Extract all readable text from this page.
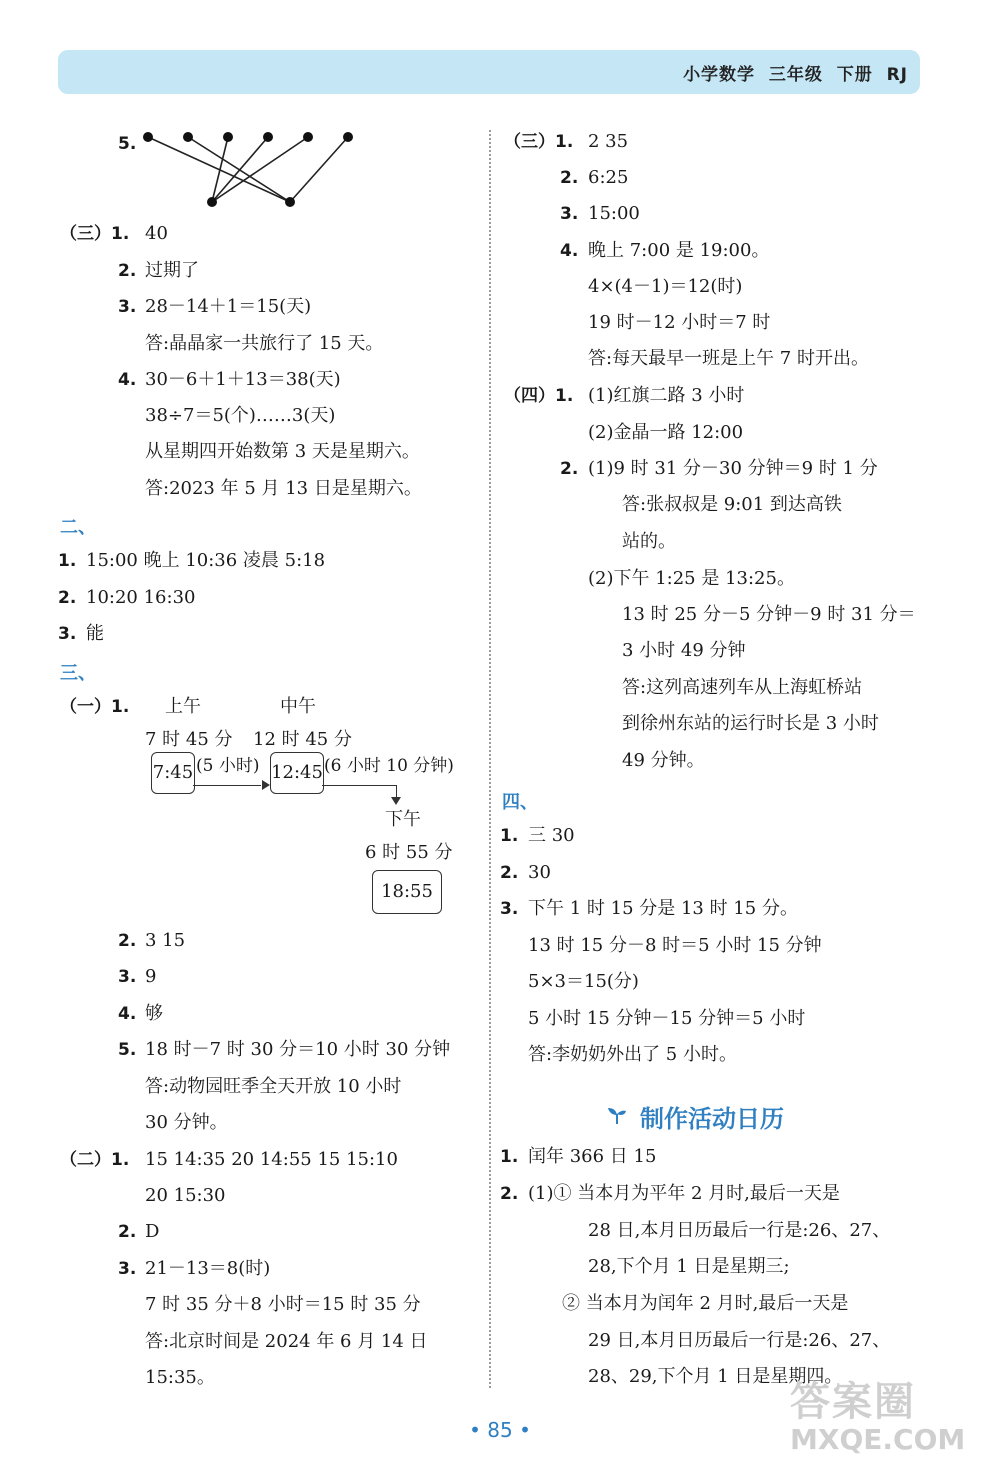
小学数学  三年级  下册  RJ
5.
（三）1. 40
2. 过期了
3. 28－14＋1＝15(天)
答:晶晶家一共旅行了 15 天。
4. 30－6＋1＋13＝38(天)
38÷7＝5(个)……3(天)
从星期四开始数第 3 天是星期六。
答:2023 年 5 月 13 日是星期六。
二、
1. 15:00 晚上 10:36 凌晨 5:18
2. 10:20 16:30
3. 能
三、
（一）1. 上午	中午
7 时 45 分 12 时 45 分
7:45 (5 小时) 12:45 (6 小时 10 分钟)
下午
6 时 55 分
18:55
2. 3 15
3. 9
4. 够
5. 18 时－7 时 30 分＝10 小时 30 分钟
答:动物园旺季全天开放 10 小时
30 分钟。
（二）1. 15 14:35 20 14:55 15 15:10
20 15:30
2. D
3. 21－13＝8(时)
7 时 35 分＋8 小时＝15 时 35 分
答:北京时间是 2024 年 6 月 14 日
15:35。
（三）1. 2 35
2. 6:25
3. 15:00
4. 晚上 7:00 是 19:00。
4×(4－1)＝12(时)
19 时－12 小时＝7 时
答:每天最早一班是上午 7 时开出。
（四）1. (1)红旗二路 3 小时
(2)金晶一路 12:00
2. (1)9 时 31 分－30 分钟＝9 时 1 分
答:张叔叔是 9:01 到达高铁
站的。
(2)下午 1:25 是 13:25。
13 时 25 分－5 分钟－9 时 31 分＝
3 小时 49 分钟
答:这列高速列车从上海虹桥站
到徐州东站的运行时长是 3 小时
49 分钟。
四、
1. 三 30
2. 30
3. 下午 1 时 15 分是 13 时 15 分。
13 时 15 分－8 时＝5 小时 15 分钟
5×3＝15(分)
5 小时 15 分钟－15 分钟＝5 小时
答:李奶奶外出了 5 小时。
制作活动日历
1. 闰年 366 日 15
2. (1)① 当本月为平年 2 月时,最后一天是
28 日,本月日历最后一行是:26、27、
28,下个月 1 日是星期三;
② 当本月为闰年 2 月时,最后一天是
29 日,本月日历最后一行是:26、27、
28、29,下个月 1 日是星期四。
• 85 •
答案圈
MXQE.COM
